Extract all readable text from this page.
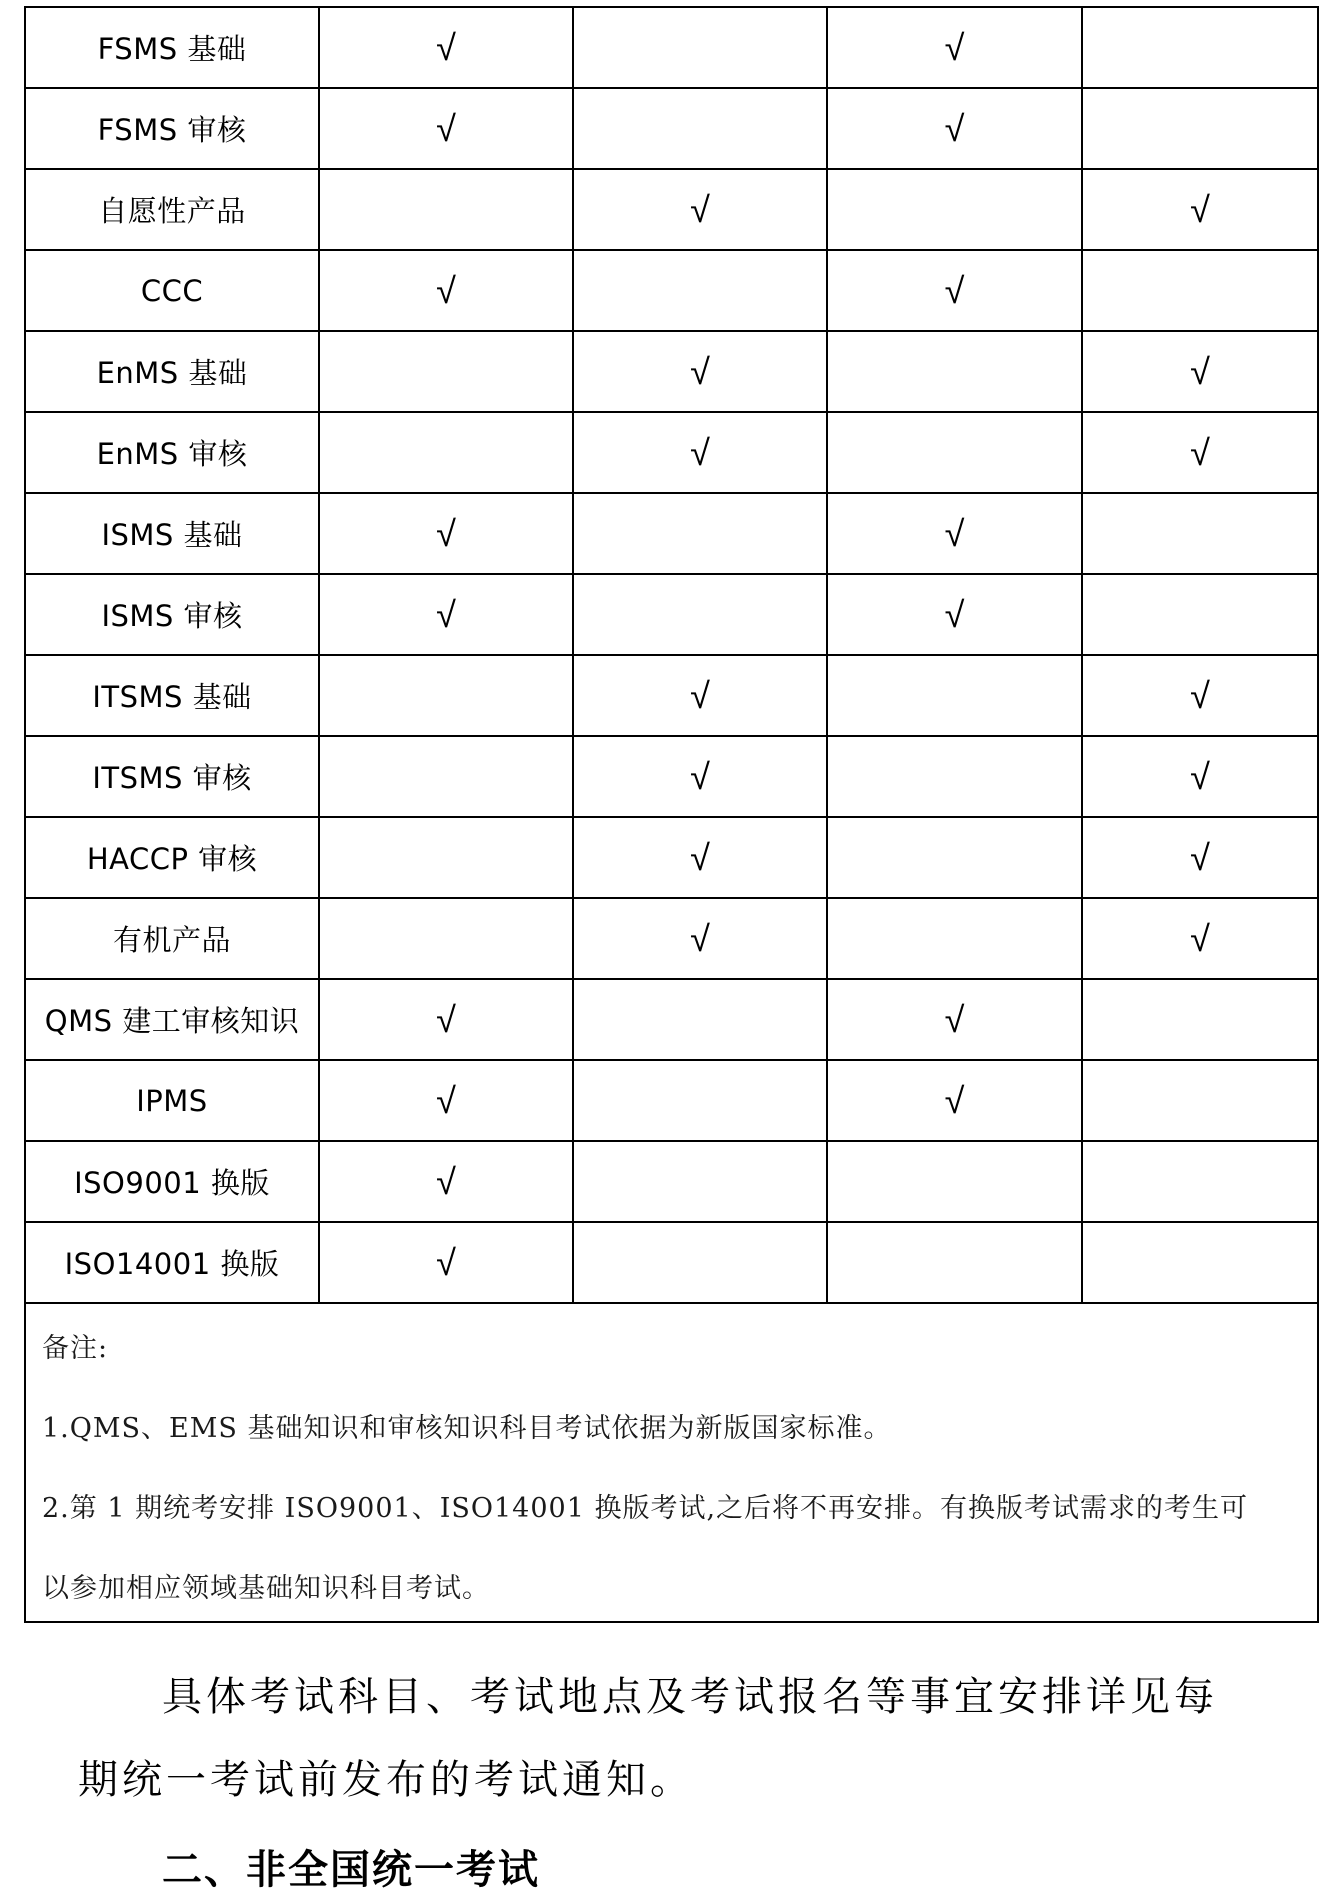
FSMS 基础	√		√	
FSMS 审核	√		√	
自愿性产品		√		√
CCC	√		√	
EnMS 基础		√		√
EnMS 审核		√		√
ISMS 基础	√		√	
ISMS 审核	√		√	
ITSMS 基础		√		√
ITSMS 审核		√		√
HACCP 审核		√		√
有机产品		√		√
QMS 建工审核知识	√		√	
IPMS	√		√	
ISO9001 换版	√			
ISO14001 换版	√			

备注:
1.QMS、EMS 基础知识和审核知识科目考试依据为新版国家标准。
2.第 1 期统考安排 ISO9001、ISO14001 换版考试,之后将不再安排。有换版考试需求的考生可
以参加相应领域基础知识科目考试。				
具体考试科目、考试地点及考试报名等事宜安排详见每
期统一考试前发布的考试通知。
二、非全国统一考试
